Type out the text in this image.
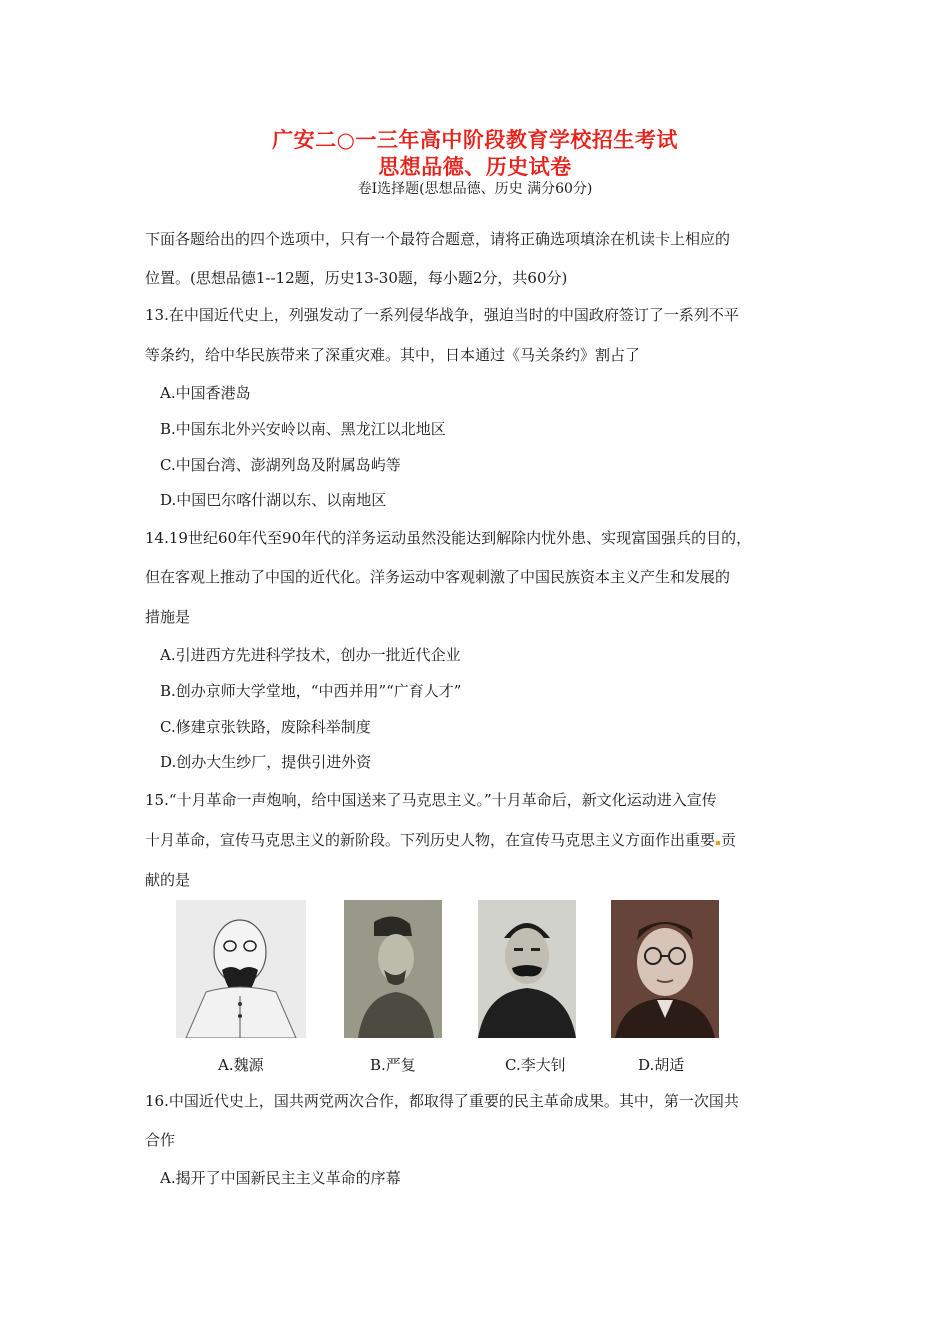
广安二○一三年高中阶段教育学校招生考试
思想品德、历史试卷
卷Ⅰ选择题(思想品德、历史 满分60分)
下面各题给出的四个选项中，只有一个最符合题意，请将正确选项填涂在机读卡上相应的
位置。(思想品德1--12题，历史13-30题，每小题2分，共60分)
13.在中国近代史上，列强发动了一系列侵华战争，强迫当时的中国政府签订了一系列不平
等条约，给中华民族带来了深重灾难。其中，日本通过《马关条约》割占了
A.中国香港岛
B.中国东北外兴安岭以南、黑龙江以北地区
C.中国台湾、澎湖列岛及附属岛屿等
D.中国巴尔喀什湖以东、以南地区
14.19世纪60年代至90年代的洋务运动虽然没能达到解除内忧外患、实现富国强兵的目的，
但在客观上推动了中国的近代化。洋务运动中客观刺激了中国民族资本主义产生和发展的
措施是
A.引进西方先进科学技术，创办一批近代企业
B.创办京师大学堂地，“中西并用”“广育人才”
C.修建京张铁路，废除科举制度
D.创办大生纱厂，提供引进外资
15.“十月革命一声炮响，给中国送来了马克思主义。”十月革命后，新文化运动进入宣传
十月革命，宣传马克思主义的新阶段。下列历史人物，在宣传马克思主义方面作出重要 贡
献的是
A.魏源	B.严复	C.李大钊	D.胡适
16.中国近代史上，国共两党两次合作，都取得了重要的民主革命成果。其中，第一次国共
合作
A.揭开了中国新民主主义革命的序幕
